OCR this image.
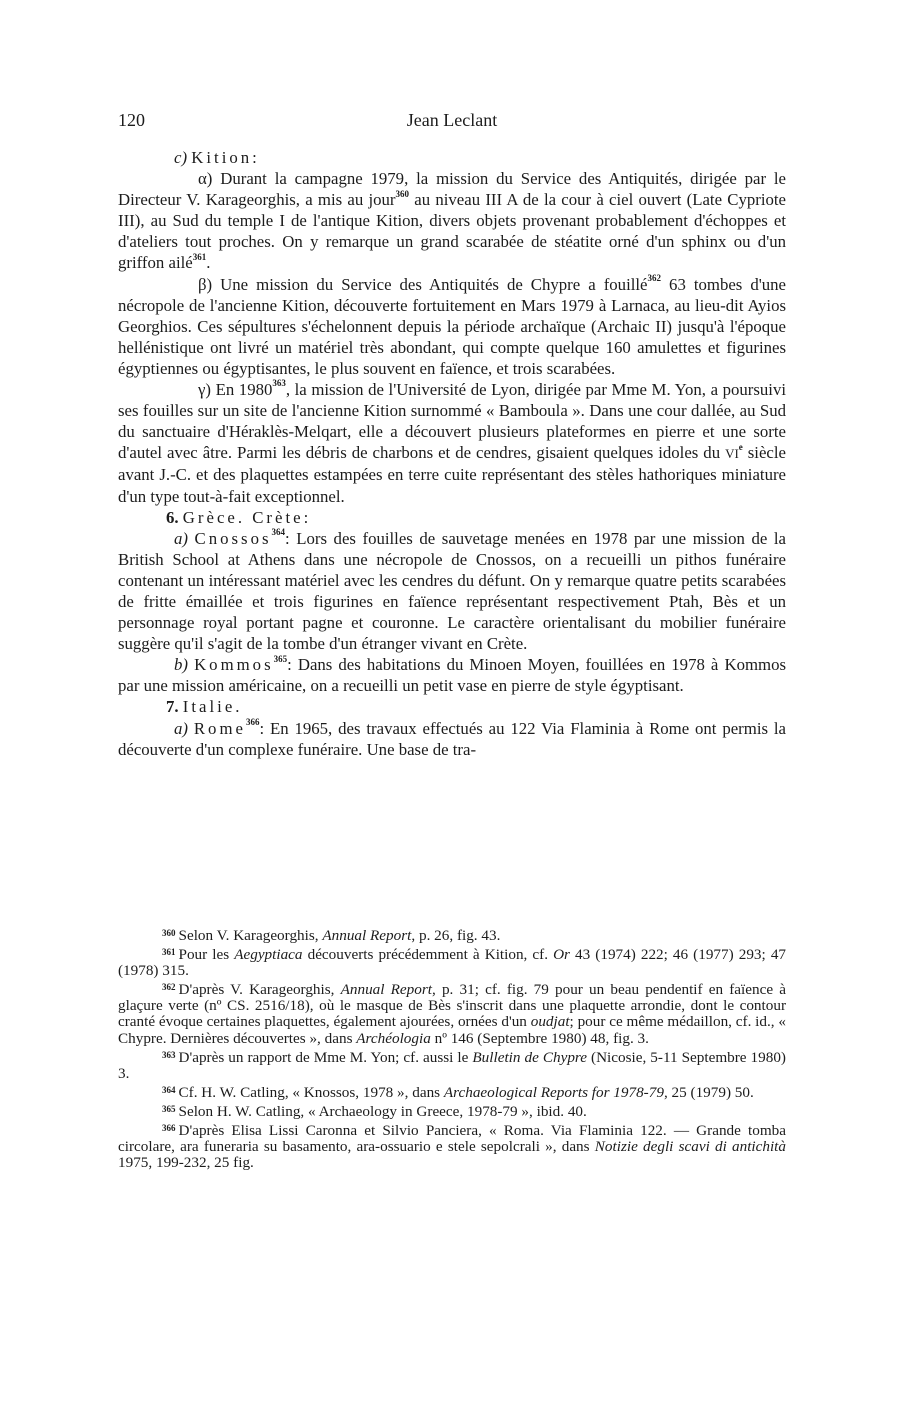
120	Jean Leclant

c) Kition:

α) Durant la campagne 1979, la mission du Service des Antiquités, dirigée par le Directeur V. Karageorghis, a mis au jour$^{360}$ au niveau III A de la cour à ciel ouvert (Late Cypriote III), au Sud du temple I de l'antique Kition, divers objets provenant probablement d'échoppes et d'ateliers tout proches. On y remarque un grand scarabée de stéatite orné d'un sphinx ou d'un griffon ailé$^{361}$.

β) Une mission du Service des Antiquités de Chypre a fouillé$^{362}$ 63 tombes d'une nécropole de l'ancienne Kition, découverte fortuitement en Mars 1979 à Larnaca, au lieu-dit Ayios Georghios. Ces sépultures s'échelonnent depuis la période archaïque (Archaic II) jusqu'à l'époque hellénistique ont livré un matériel très abondant, qui compte quelque 160 amulettes et figurines égyptiennes ou égyptisantes, le plus souvent en faïence, et trois scarabées.

γ) En 1980$^{363}$, la mission de l'Université de Lyon, dirigée par Mme M. Yon, a poursuivi ses fouilles sur un site de l'ancienne Kition surnommé « Bamboula ». Dans une cour dallée, au Sud du sanctuaire d'Héraklès-Melqart, elle a découvert plusieurs plateformes en pierre et une sorte d'autel avec âtre. Parmi les débris de charbons et de cendres, gisaient quelques idoles du VIe siècle avant J.-C. et des plaquettes estampées en terre cuite représentant des stèles hathoriques miniature d'un type tout-à-fait exceptionnel.

6. Grèce. Crète:

a) Cnossos$^{364}$: Lors des fouilles de sauvetage menées en 1978 par une mission de la British School at Athens dans une nécropole de Cnossos, on a recueilli un pithos funéraire contenant un intéressant matériel avec les cendres du défunt. On y remarque quatre petits scarabées de fritte émaillée et trois figurines en faïence représentant respectivement Ptah, Bès et un personnage royal portant pagne et couronne. Le caractère orientalisant du mobilier funéraire suggère qu'il s'agit de la tombe d'un étranger vivant en Crète.

b) Kommos$^{365}$: Dans des habitations du Minoen Moyen, fouillées en 1978 à Kommos par une mission américaine, on a recueilli un petit vase en pierre de style égyptisant.

7. Italie.

a) Rome$^{366}$: En 1965, des travaux effectués au 122 Via Flaminia à Rome ont permis la découverte d'un complexe funéraire. Une base de tra-

$^{360}$ Selon V. Karageorghis, Annual Report, p. 26, fig. 43.

$^{361}$ Pour les Aegyptiaca découverts précédemment à Kition, cf. Or 43 (1974) 222; 46 (1977) 293; 47 (1978) 315.

$^{362}$ D'après V. Karageorghis, Annual Report, p. 31; cf. fig. 79 pour un beau pendentif en faïence à glaçure verte (nº CS. 2516/18), où le masque de Bès s'inscrit dans une plaquette arrondie, dont le contour cranté évoque certaines plaquettes, également ajourées, ornées d'un oudjat; pour ce même médaillon, cf. id., « Chypre. Dernières découvertes », dans Archéologia nº 146 (Septembre 1980) 48, fig. 3.

$^{363}$ D'après un rapport de Mme M. Yon; cf. aussi le Bulletin de Chypre (Nicosie, 5-11 Septembre 1980) 3.

$^{364}$ Cf. H. W. Catling, « Knossos, 1978 », dans Archaeological Reports for 1978-79, 25 (1979) 50.

$^{365}$ Selon H. W. Catling, « Archaeology in Greece, 1978-79 », ibid. 40.

$^{366}$ D'après Elisa Lissi Caronna et Silvio Panciera, « Roma. Via Flaminia 122. — Grande tomba circolare, ara funeraria su basamento, ara-ossuario e stele sepolcrali », dans Notizie degli scavi di antichità 1975, 199-232, 25 fig.
